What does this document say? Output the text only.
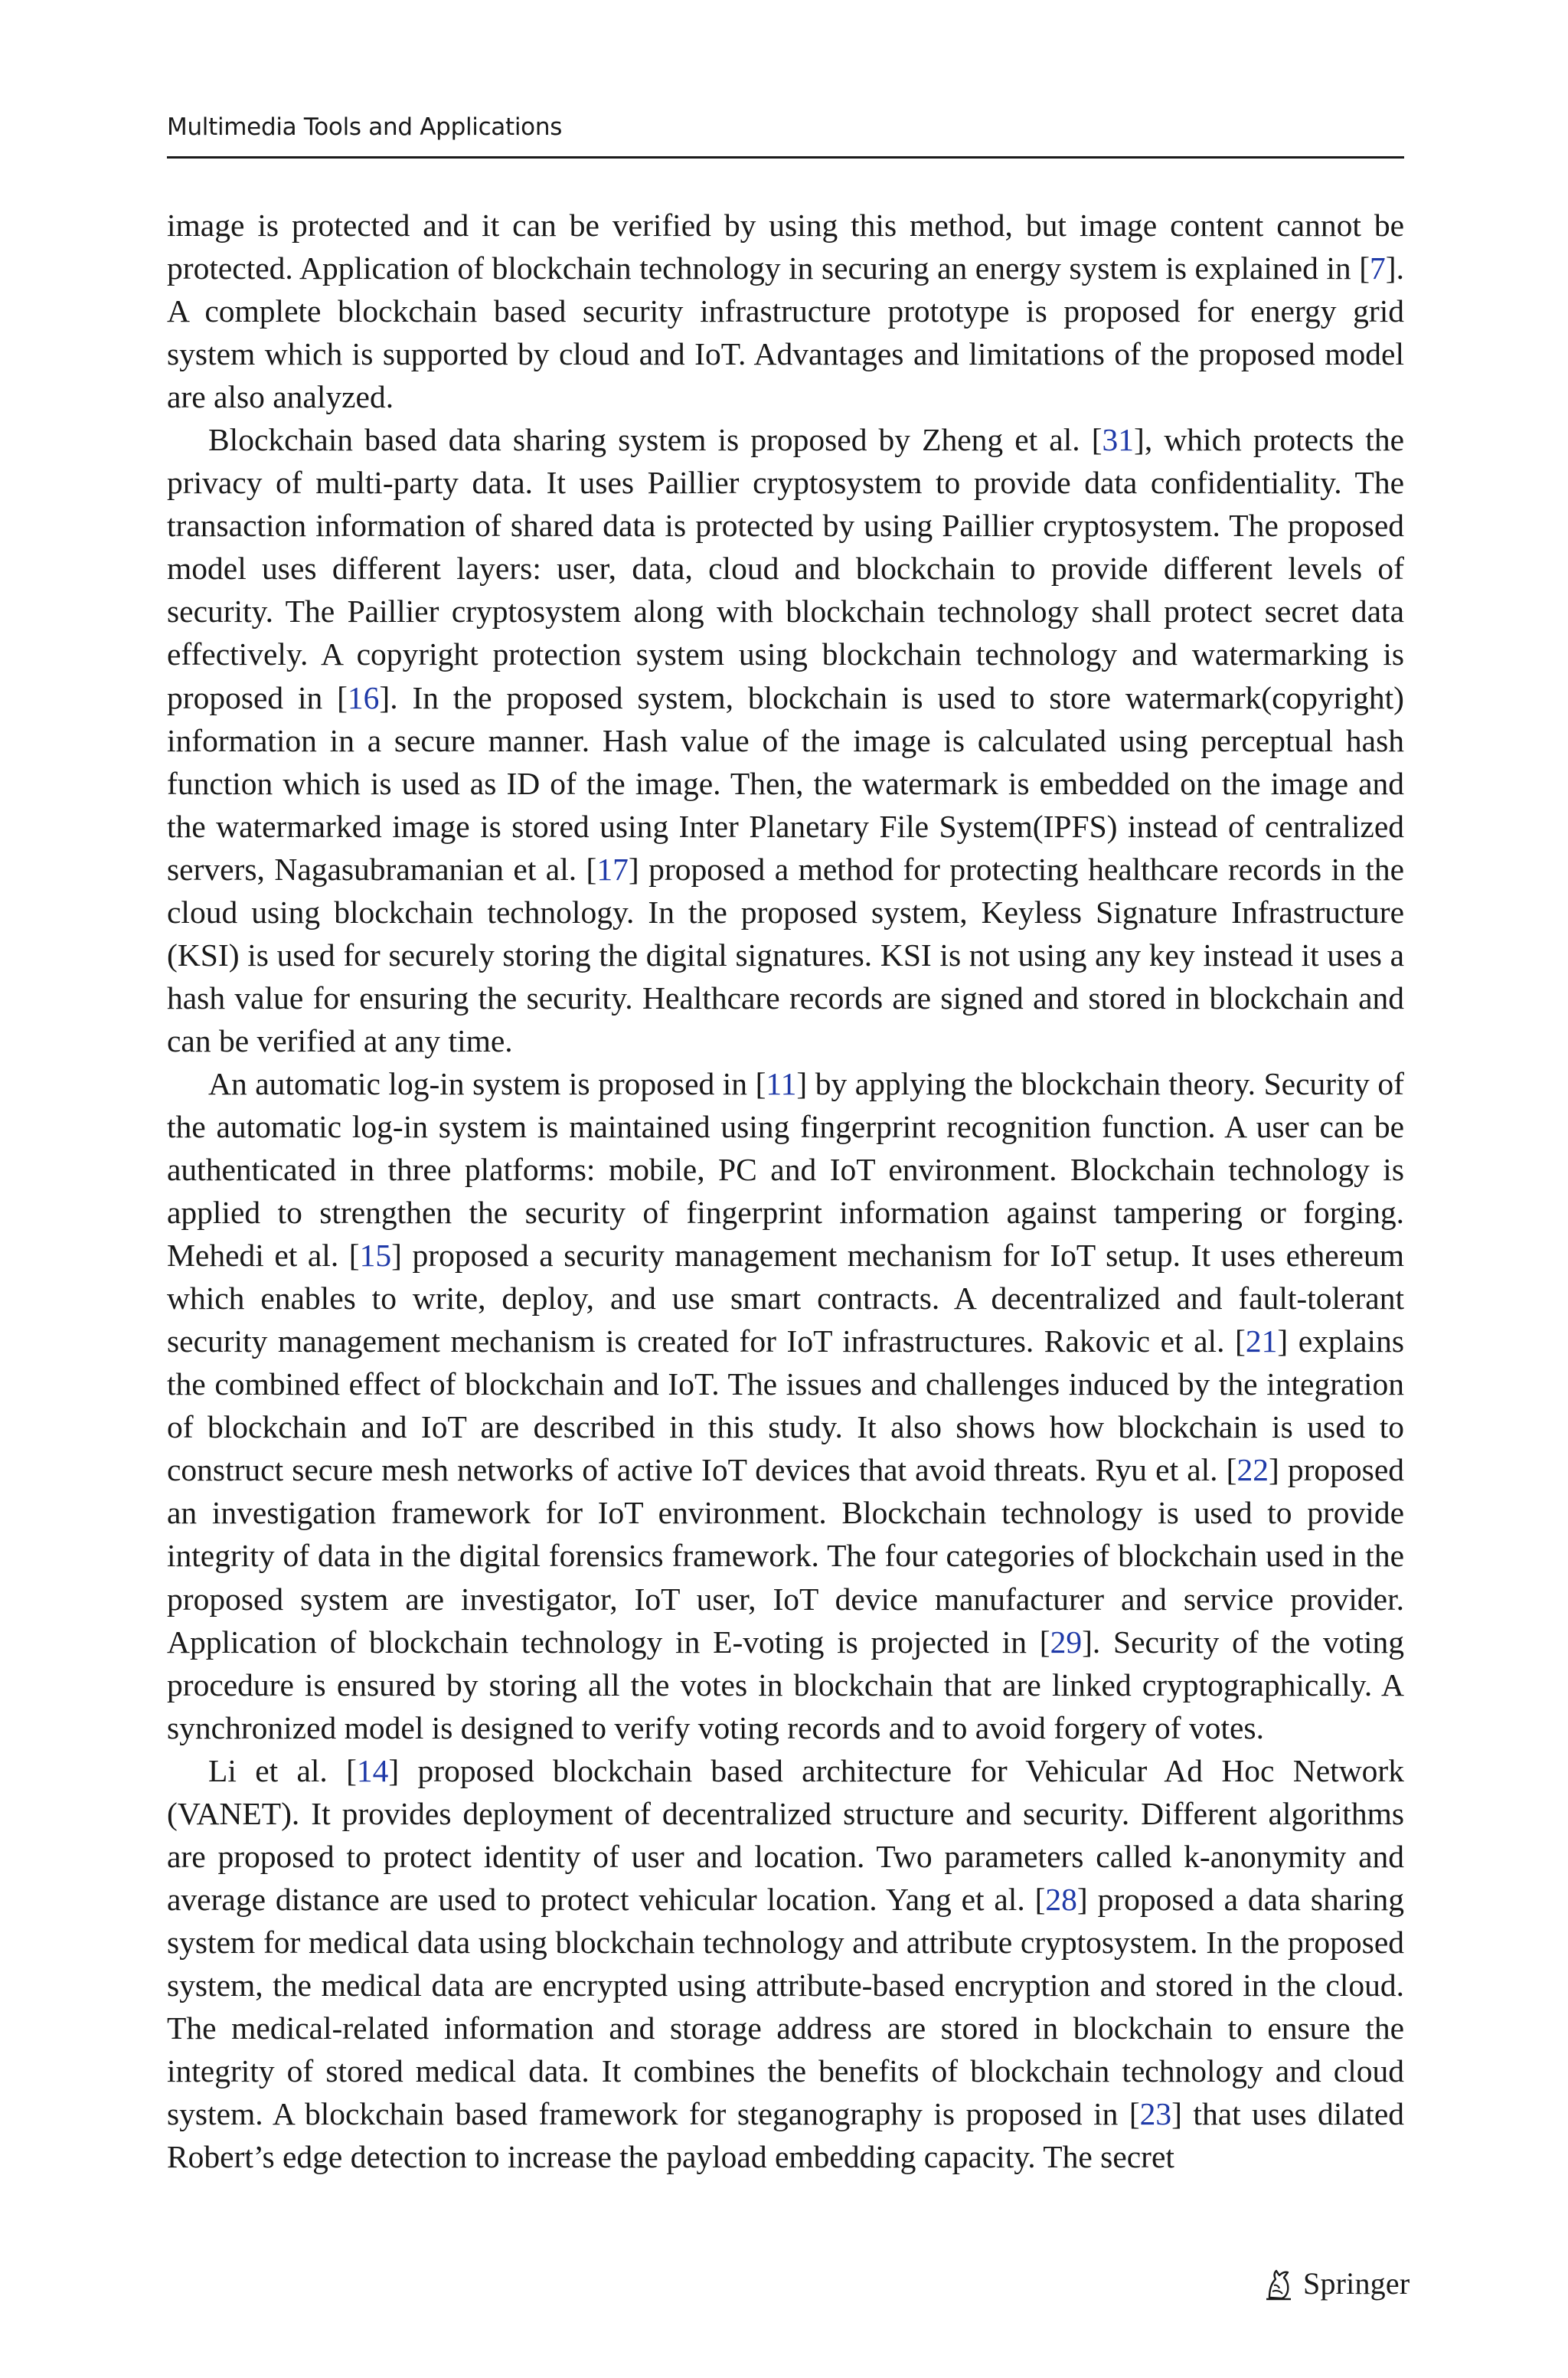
Multimedia Tools and Applications

image is protected and it can be verified by using this method, but image content cannot be protected. Application of blockchain technology in securing an energy system is explained in [7]. A complete blockchain based security infrastructure prototype is proposed for energy grid system which is supported by cloud and IoT. Advantages and limitations of the proposed model are also analyzed.

Blockchain based data sharing system is proposed by Zheng et al. [31], which protects the privacy of multi-party data. It uses Paillier cryptosystem to provide data confidentiality. The transaction information of shared data is protected by using Paillier cryptosystem. The proposed model uses different layers: user, data, cloud and blockchain to provide different levels of security. The Paillier cryptosystem along with blockchain technology shall protect secret data effectively. A copyright protection system using blockchain technology and watermarking is proposed in [16]. In the proposed system, blockchain is used to store watermark(copyright) information in a secure manner. Hash value of the image is calculated using perceptual hash function which is used as ID of the image. Then, the watermark is embedded on the image and the watermarked image is stored using Inter Planetary File System(IPFS) instead of centralized servers, Nagasubramanian et al. [17] proposed a method for protecting healthcare records in the cloud using blockchain technology. In the proposed system, Keyless Signature Infrastructure (KSI) is used for securely storing the digital signatures. KSI is not using any key instead it uses a hash value for ensuring the security. Healthcare records are signed and stored in blockchain and can be verified at any time.

An automatic log-in system is proposed in [11] by applying the blockchain theory. Security of the automatic log-in system is maintained using fingerprint recognition function. A user can be authenticated in three platforms: mobile, PC and IoT environment. Blockchain technology is applied to strengthen the security of fingerprint information against tampering or forging. Mehedi et al. [15] proposed a security management mechanism for IoT setup. It uses ethereum which enables to write, deploy, and use smart contracts. A decentralized and fault-tolerant security management mechanism is created for IoT infrastructures. Rakovic et al. [21] explains the combined effect of blockchain and IoT. The issues and challenges induced by the integration of blockchain and IoT are described in this study. It also shows how blockchain is used to construct secure mesh networks of active IoT devices that avoid threats. Ryu et al. [22] proposed an investigation framework for IoT environment. Blockchain technology is used to provide integrity of data in the digital forensics framework. The four categories of blockchain used in the proposed system are investigator, IoT user, IoT device manufacturer and service provider. Application of blockchain technology in E-voting is projected in [29]. Security of the voting procedure is ensured by storing all the votes in blockchain that are linked cryptographically. A synchronized model is designed to verify voting records and to avoid forgery of votes.

Li et al. [14] proposed blockchain based architecture for Vehicular Ad Hoc Network (VANET). It provides deployment of decentralized structure and security. Different algorithms are proposed to protect identity of user and location. Two parameters called k-anonymity and average distance are used to protect vehicular location. Yang et al. [28] proposed a data sharing system for medical data using blockchain technology and attribute cryptosystem. In the proposed system, the medical data are encrypted using attribute-based encryption and stored in the cloud. The medical-related information and storage address are stored in blockchain to ensure the integrity of stored medical data. It combines the benefits of blockchain technology and cloud system. A blockchain based framework for steganography is proposed in [23] that uses dilated Robert’s edge detection to increase the payload embedding capacity. The secret

Springer
